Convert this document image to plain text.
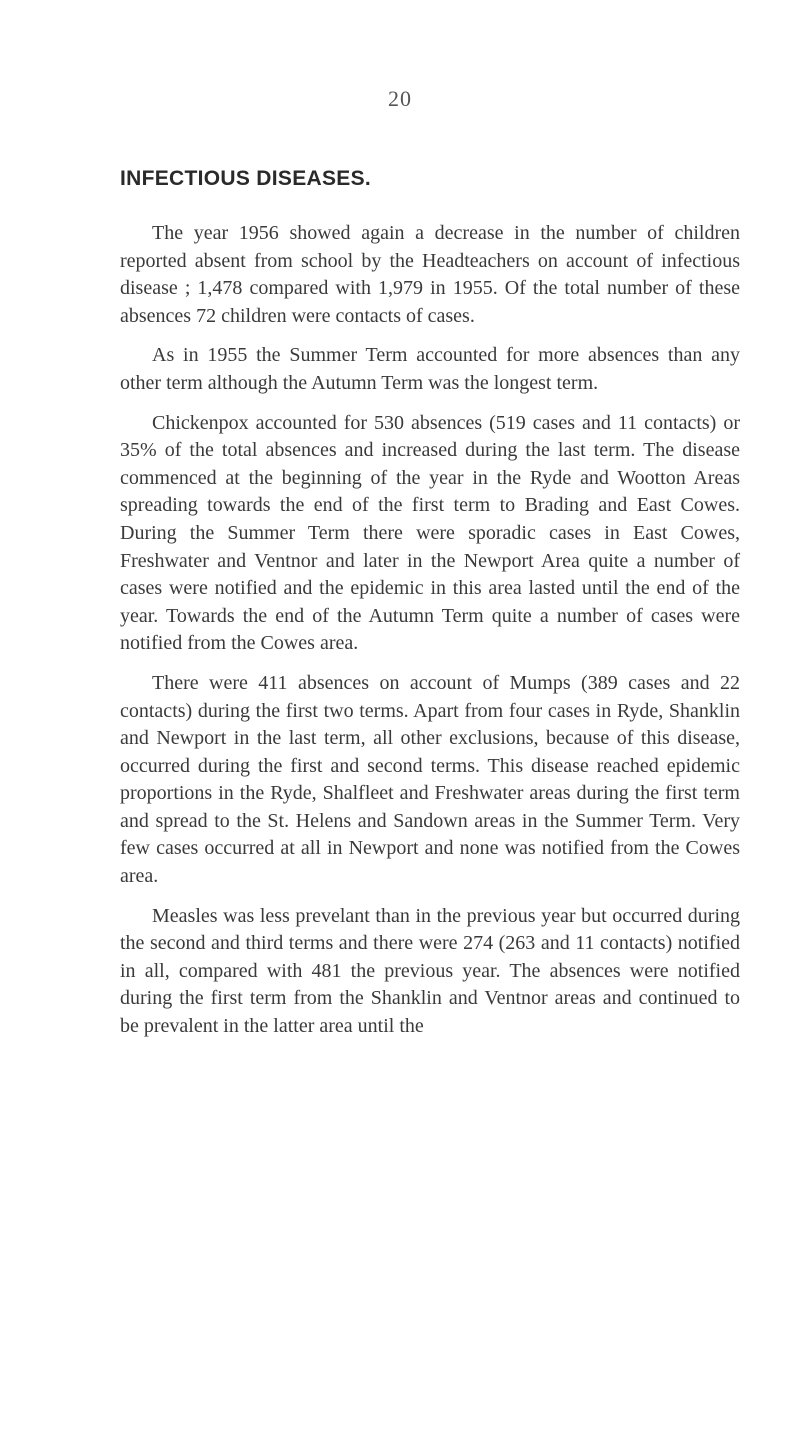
20
INFECTIOUS DISEASES.

The year 1956 showed again a decrease in the number of children reported absent from school by the Headteachers on account of infectious disease ; 1,478 compared with 1,979 in 1955. Of the total number of these absences 72 children were contacts of cases.

As in 1955 the Summer Term accounted for more absences than any other term although the Autumn Term was the longest term.

Chickenpox accounted for 530 absences (519 cases and 11 contacts) or 35% of the total absences and increased during the last term. The disease commenced at the beginning of the year in the Ryde and Wootton Areas spreading towards the end of the first term to Brading and East Cowes. During the Summer Term there were sporadic cases in East Cowes, Freshwater and Ventnor and later in the Newport Area quite a number of cases were notified and the epidemic in this area lasted until the end of the year. Towards the end of the Autumn Term quite a number of cases were notified from the Cowes area.

There were 411 absences on account of Mumps (389 cases and 22 contacts) during the first two terms. Apart from four cases in Ryde, Shanklin and Newport in the last term, all other exclusions, because of this disease, occurred during the first and second terms. This disease reached epidemic proportions in the Ryde, Shalfleet and Freshwater areas during the first term and spread to the St. Helens and Sandown areas in the Summer Term. Very few cases occurred at all in Newport and none was notified from the Cowes area.

Measles was less prevelant than in the previous year but occurred during the second and third terms and there were 274 (263 and 11 contacts) notified in all, compared with 481 the previous year. The absences were notified during the first term from the Shanklin and Ventnor areas and continued to be prevalent in the latter area until the
